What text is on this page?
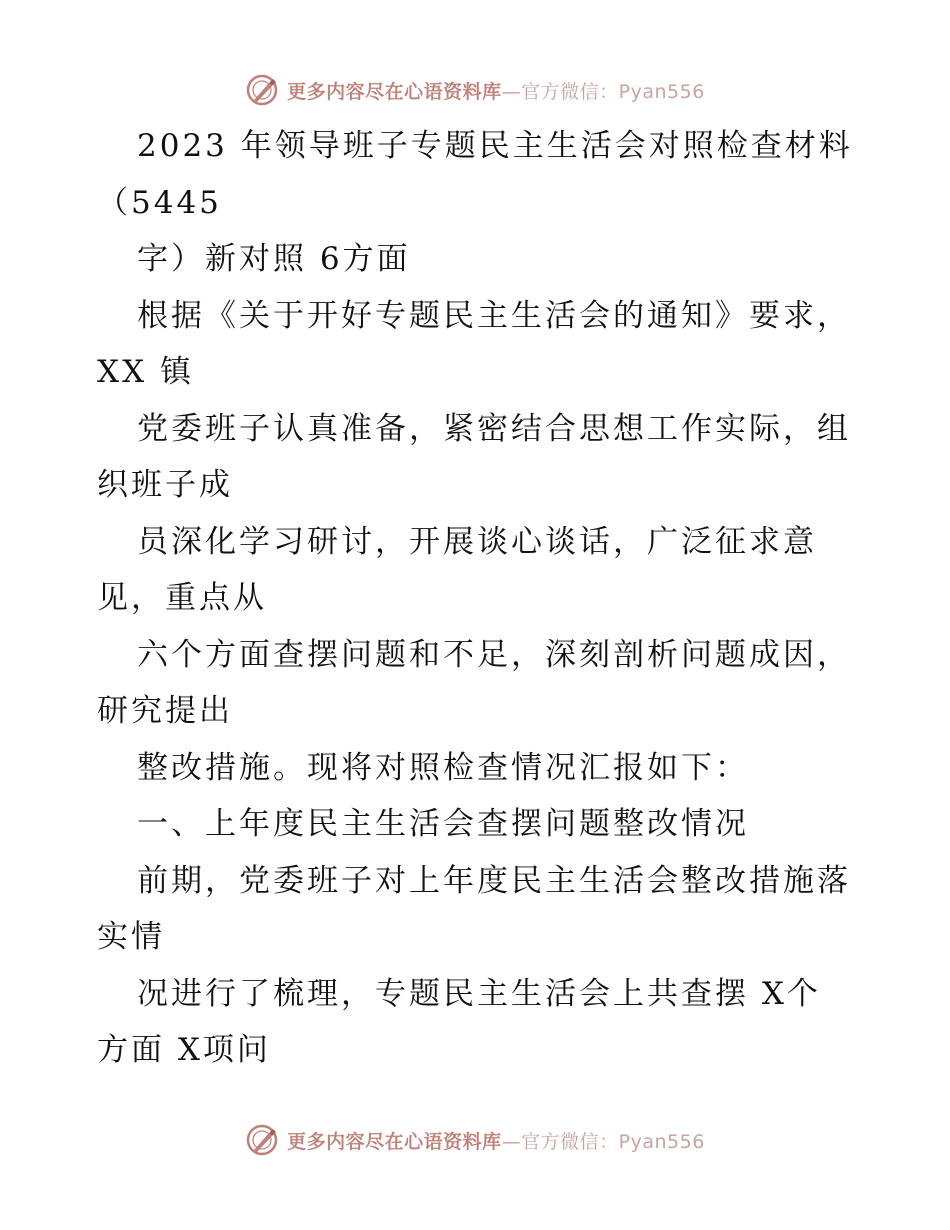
更多内容尽在心语资料库—官方微信：Pyan556
2023 年领导班子专题民主生活会对照检查材料
（5445
字）新对照 6方面
根据《关于开好专题民主生活会的通知》要求，
XX 镇
党委班子认真准备，紧密结合思想工作实际，组
织班子成
员深化学习研讨，开展谈心谈话，广泛征求意
见，重点从
六个方面查摆问题和不足，深刻剖析问题成因，
研究提出
整改措施。现将对照检查情况汇报如下：
一、上年度民主生活会查摆问题整改情况
前期，党委班子对上年度民主生活会整改措施落
实情
况进行了梳理，专题民主生活会上共查摆 X个
方面 X项问
更多内容尽在心语资料库—官方微信：Pyan556
